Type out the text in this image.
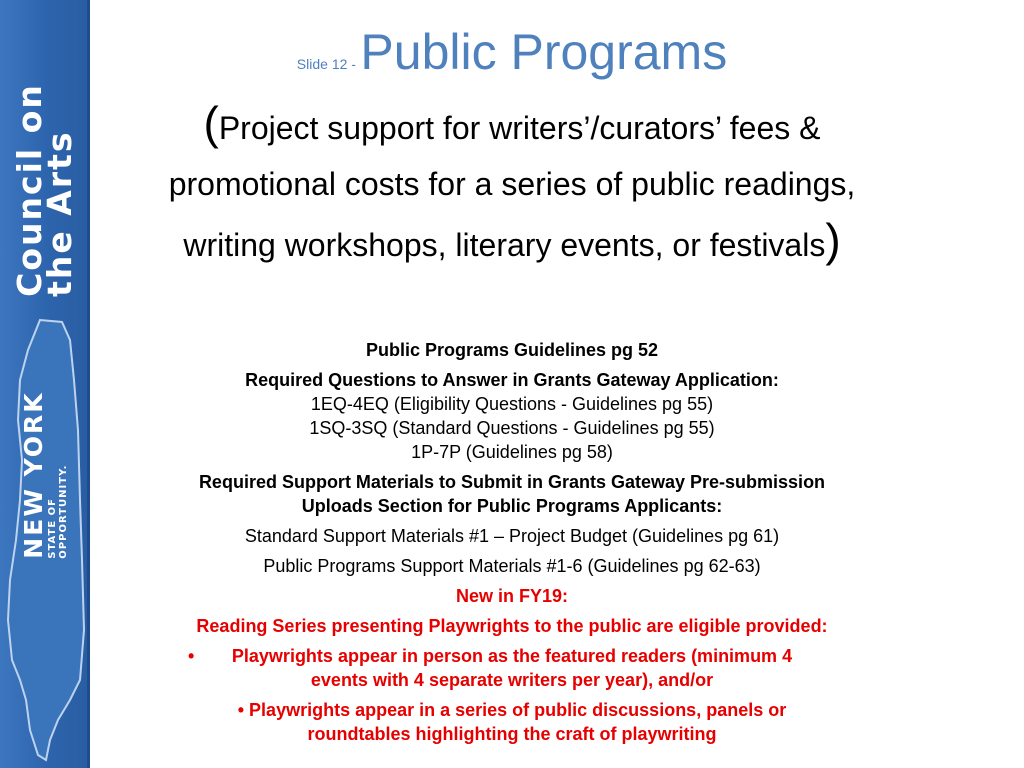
Council on
the Arts
NEW YORK STATE OF OPPORTUNITY.
Slide 12 - Public Programs
(Project support for writers’/curators’ fees &
promotional costs for a series of public readings,
writing workshops, literary events, or festivals)

Public Programs Guidelines pg 52

Required Questions to Answer in Grants Gateway Application:

1EQ-4EQ (Eligibility Questions - Guidelines pg 55)

1SQ-3SQ (Standard Questions - Guidelines pg 55)

1P-7P (Guidelines pg 58)

Required Support Materials to Submit in Grants Gateway Pre-submission

Uploads Section for Public Programs Applicants:

Standard Support Materials #1 – Project Budget (Guidelines pg 61)

Public Programs Support Materials #1-6 (Guidelines pg 62-63)

New in FY19:

Reading Series presenting Playwrights to the public are eligible provided:

•	Playwrights appear in person as the featured readers (minimum 4

events with 4 separate writers per year), and/or

• Playwrights appear in a series of public discussions, panels or

roundtables highlighting the craft of playwriting
